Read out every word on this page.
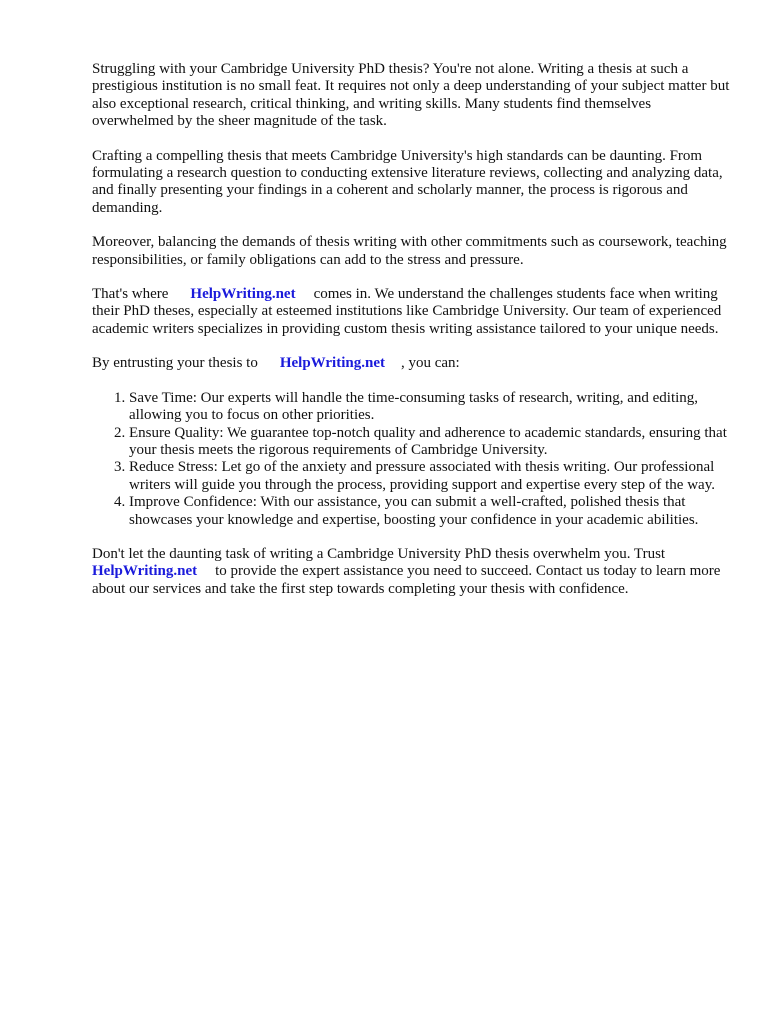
Struggling with your Cambridge University PhD thesis? You're not alone. Writing a thesis at such a prestigious institution is no small feat. It requires not only a deep understanding of your subject matter but also exceptional research, critical thinking, and writing skills. Many students find themselves overwhelmed by the sheer magnitude of the task.

Crafting a compelling thesis that meets Cambridge University's high standards can be daunting. From formulating a research question to conducting extensive literature reviews, collecting and analyzing data, and finally presenting your findings in a coherent and scholarly manner, the process is rigorous and demanding.

Moreover, balancing the demands of thesis writing with other commitments such as coursework, teaching responsibilities, or family obligations can add to the stress and pressure.

That's where HelpWriting.net comes in. We understand the challenges students face when writing their PhD theses, especially at esteemed institutions like Cambridge University. Our team of experienced academic writers specializes in providing custom thesis writing assistance tailored to your unique needs.

By entrusting your thesis to HelpWriting.net , you can:

1. Save Time: Our experts will handle the time-consuming tasks of research, writing, and editing, allowing you to focus on other priorities.
2. Ensure Quality: We guarantee top-notch quality and adherence to academic standards, ensuring that your thesis meets the rigorous requirements of Cambridge University.
3. Reduce Stress: Let go of the anxiety and pressure associated with thesis writing. Our professional writers will guide you through the process, providing support and expertise every step of the way.
4. Improve Confidence: With our assistance, you can submit a well-crafted, polished thesis that showcases your knowledge and expertise, boosting your confidence in your academic abilities.

Don't let the daunting task of writing a Cambridge University PhD thesis overwhelm you. Trust
HelpWriting.net to provide the expert assistance you need to succeed. Contact us today to learn more about our services and take the first step towards completing your thesis with confidence.
